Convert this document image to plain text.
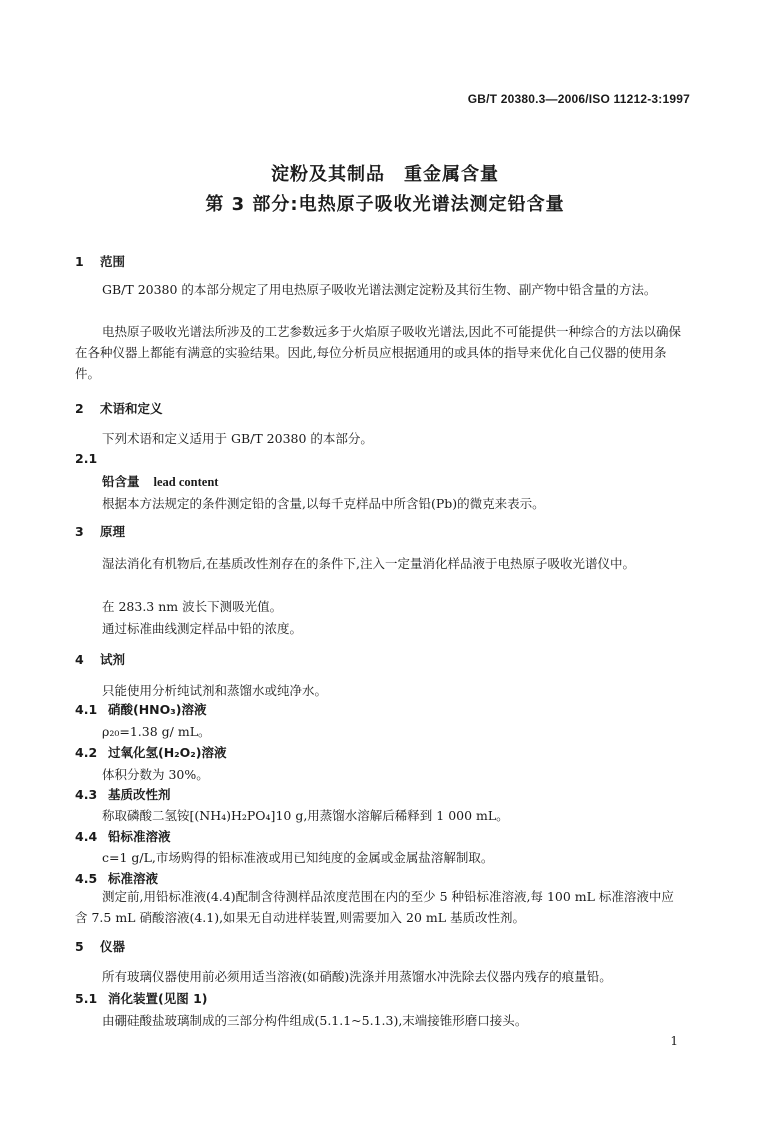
GB/T 20380.3—2006/ISO 11212-3:1997
淀粉及其制品　重金属含量
第 3 部分:电热原子吸收光谱法测定铅含量
1 范围
GB/T 20380 的本部分规定了用电热原子吸收光谱法测定淀粉及其衍生物、副产物中铅含量的方法。
电热原子吸收光谱法所涉及的工艺参数远多于火焰原子吸收光谱法,因此不可能提供一种综合的方法以确保在各种仪器上都能有满意的实验结果。因此,每位分析员应根据通用的或具体的指导来优化自己仪器的使用条件。
2 术语和定义
下列术语和定义适用于 GB/T 20380 的本部分。
2.1
铅含量 lead content
根据本方法规定的条件测定铅的含量,以每千克样品中所含铅(Pb)的微克来表示。
3 原理
湿法消化有机物后,在基质改性剂存在的条件下,注入一定量消化样品液于电热原子吸收光谱仪中。
在 283.3 nm 波长下测吸光值。
通过标准曲线测定样品中铅的浓度。
4 试剂
只能使用分析纯试剂和蒸馏水或纯净水。
4.1 硝酸(HNO₃)溶液
ρ₂₀=1.38 g/ mL。
4.2 过氧化氢(H₂O₂)溶液
体积分数为 30%。
4.3 基质改性剂
称取磷酸二氢铵[(NH₄)H₂PO₄]10 g,用蒸馏水溶解后稀释到 1 000 mL。
4.4 铅标准溶液
c=1 g/L,市场购得的铅标准液或用已知纯度的金属或金属盐溶解制取。
4.5 标准溶液
测定前,用铅标准液(4.4)配制含待测样品浓度范围在内的至少 5 种铅标准溶液,每 100 mL 标准溶液中应含 7.5 mL 硝酸溶液(4.1),如果无自动进样装置,则需要加入 20 mL 基质改性剂。
5 仪器
所有玻璃仪器使用前必须用适当溶液(如硝酸)洗涤并用蒸馏水冲洗除去仪器内残存的痕量铅。
5.1 消化装置(见图 1)
由硼硅酸盐玻璃制成的三部分构件组成(5.1.1~5.1.3),末端接锥形磨口接头。
1
